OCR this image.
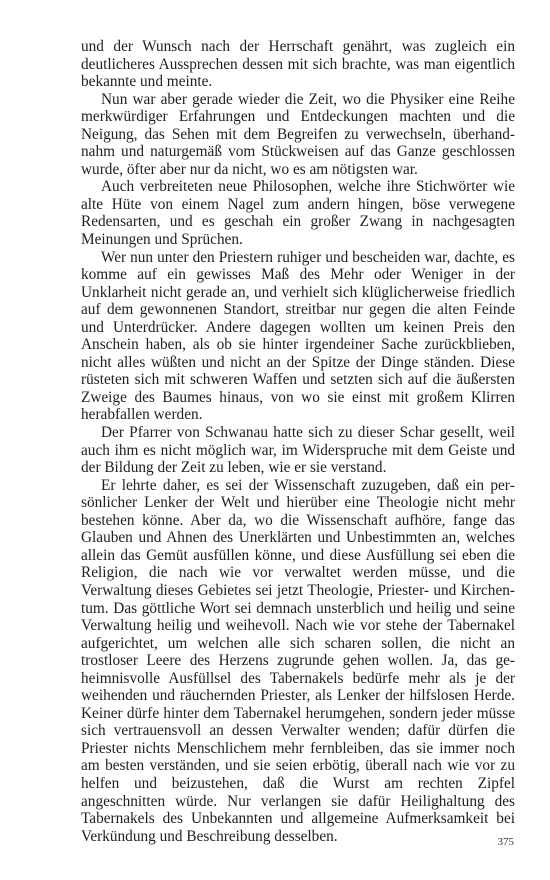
und der Wunsch nach der Herrschaft genährt, was zugleich ein deutlicheres Aussprechen dessen mit sich brachte, was man eigentlich bekannte und meinte.

Nun war aber gerade wieder die Zeit, wo die Physiker eine Reihe merkwürdiger Erfahrungen und Entdeckungen machten und die Neigung, das Sehen mit dem Begreifen zu verwechseln, überhandnahm und naturgemäß vom Stückweisen auf das Ganze geschlossen wurde, öfter aber nur da nicht, wo es am nötigsten war.

Auch verbreiteten neue Philosophen, welche ihre Stichwörter wie alte Hüte von einem Nagel zum andern hingen, böse verwegene Redensarten, und es geschah ein großer Zwang in nachgesagten Meinungen und Sprüchen.

Wer nun unter den Priestern ruhiger und bescheiden war, dachte, es komme auf ein gewisses Maß des Mehr oder Weniger in der Unklarheit nicht gerade an, und verhielt sich klüglicherweise friedlich auf dem gewonnenen Standort, streitbar nur gegen die alten Feinde und Unterdrücker. Andere dagegen wollten um keinen Preis den Anschein haben, als ob sie hinter irgendeiner Sache zurückblieben, nicht alles wüßten und nicht an der Spitze der Dinge ständen. Diese rüsteten sich mit schweren Waffen und setzten sich auf die äußersten Zweige des Baumes hinaus, von wo sie einst mit großem Klirren herabfallen werden.

Der Pfarrer von Schwanau hatte sich zu dieser Schar gesellt, weil auch ihm es nicht möglich war, im Widerspruche mit dem Geiste und der Bildung der Zeit zu leben, wie er sie verstand.

Er lehrte daher, es sei der Wissenschaft zuzugeben, daß ein persönlicher Lenker der Welt und hierüber eine Theologie nicht mehr bestehen könne. Aber da, wo die Wissenschaft aufhöre, fange das Glauben und Ahnen des Unerklärten und Unbestimmten an, welches allein das Gemüt ausfüllen könne, und diese Ausfüllung sei eben die Religion, die nach wie vor verwaltet werden müsse, und die Verwaltung dieses Gebietes sei jetzt Theologie, Priester- und Kirchentum. Das göttliche Wort sei demnach unsterblich und heilig und seine Verwaltung heilig und weihevoll. Nach wie vor stehe der Tabernakel aufgerichtet, um welchen alle sich scharen sollen, die nicht an trostloser Leere des Herzens zugrunde gehen wollen. Ja, das geheimnisvolle Ausfüllsel des Tabernakels bedürfe mehr als je der weihenden und räuchernden Priester, als Lenker der hilfslosen Herde. Keiner dürfe hinter dem Tabernakel herumgehen, sondern jeder müsse sich vertrauensvoll an dessen Verwalter wenden; dafür dürfen die Priester nichts Menschlichem mehr fernbleiben, das sie immer noch am besten verständen, und sie seien erbötig, überall nach wie vor zu helfen und beizustehen, daß die Wurst am rechten Zipfel angeschnitten würde. Nur verlangen sie dafür Heilighaltung des Tabernakels des Unbekannten und allgemeine Aufmerksamkeit bei Verkündung und Beschreibung desselben.	375
